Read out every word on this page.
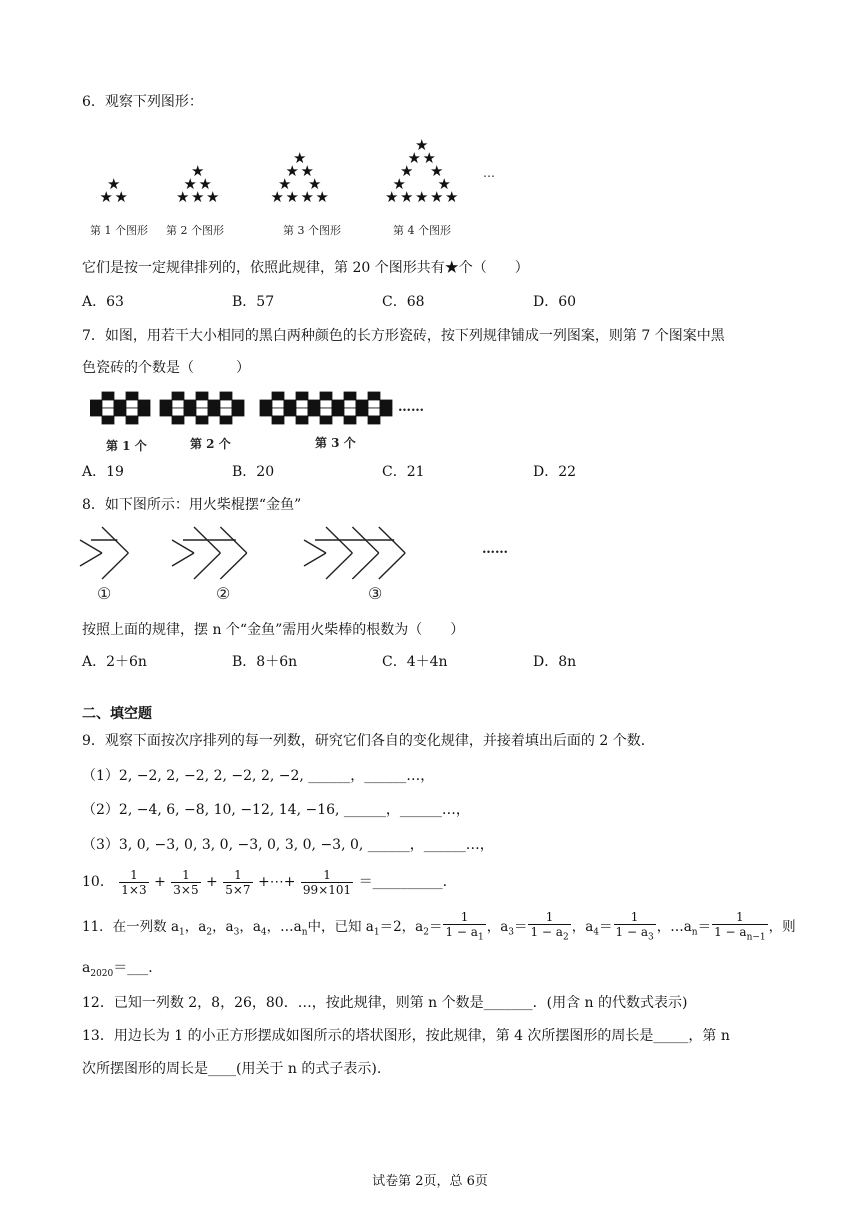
6．观察下列图形：
★
★ ★
★
★ ★
★ ★ ★
★
★ ★
★ ★
★ ★ ★ ★
★
★ ★
★ ★
★ ★
★ ★ ★ ★ ★
第 1 个图形 第 2 个图形	第 3 个图形	第 4 个图形
…
它们是按一定规律排列的，依照此规律，第 20 个图形共有★个（　　）
A．63	B．57	C．68	D．60
7．如图，用若干大小相同的黑白两种颜色的长方形瓷砖，按下列规律铺成一列图案，则第 7 个图案中黑
色瓷砖的个数是（　　　）
第 1 个	第 2 个	第 3 个
……
A．19	B．20	C．21	D．22
8．如下图所示：用火柴棍摆“金鱼”
……
①	②	③
按照上面的规律，摆 n 个“金鱼”需用火柴棒的根数为（　　）
A．2＋6n	B．8＋6n	C．4＋4n	D．8n
二、填空题
9．观察下面按次序排列的每一列数，研究它们各自的变化规律，并接着填出后面的 2 个数．
（1）2, −2, 2, −2, 2, −2, 2, −2, ______，______…，
（2）2, −4, 6, −8, 10, −12, 14, −16, ______，______…，
（3）3, 0, −3, 0, 3, 0, −3, 0, 3, 0, −3, 0, ______，______…，
10． $\frac{1}{1\times 3} + \frac{1}{3\times 5} + \frac{1}{5\times 7}$ +⋯+ $\frac{1}{99\times 101}$ ＝__________.
11．在一列数 $a_1$，$a_2$，$a_3$，$a_4$，$\dots a_n$中，已知 $a_1=2$，$a_2= \frac{1}{1 - a_1}$ ，$a_3= \frac{1}{1 - a_2}$ ，$a_4= \frac{1}{1 - a_3}$ ，$\dots a_n= \frac{1}{1 - a_{n-1}}$ ，则
$a_{2020}=\_\_\_$．
12．已知一列数 2，8，26，80．…，按此规律，则第 n 个数是_______．(用含 n 的代数式表示)
13．用边长为 1 的小正方形摆成如图所示的塔状图形，按此规律，第 4 次所摆图形的周长是_____，第 n
次所摆图形的周长是____(用关于 n 的式子表示).
试卷第 2页，总 6页
